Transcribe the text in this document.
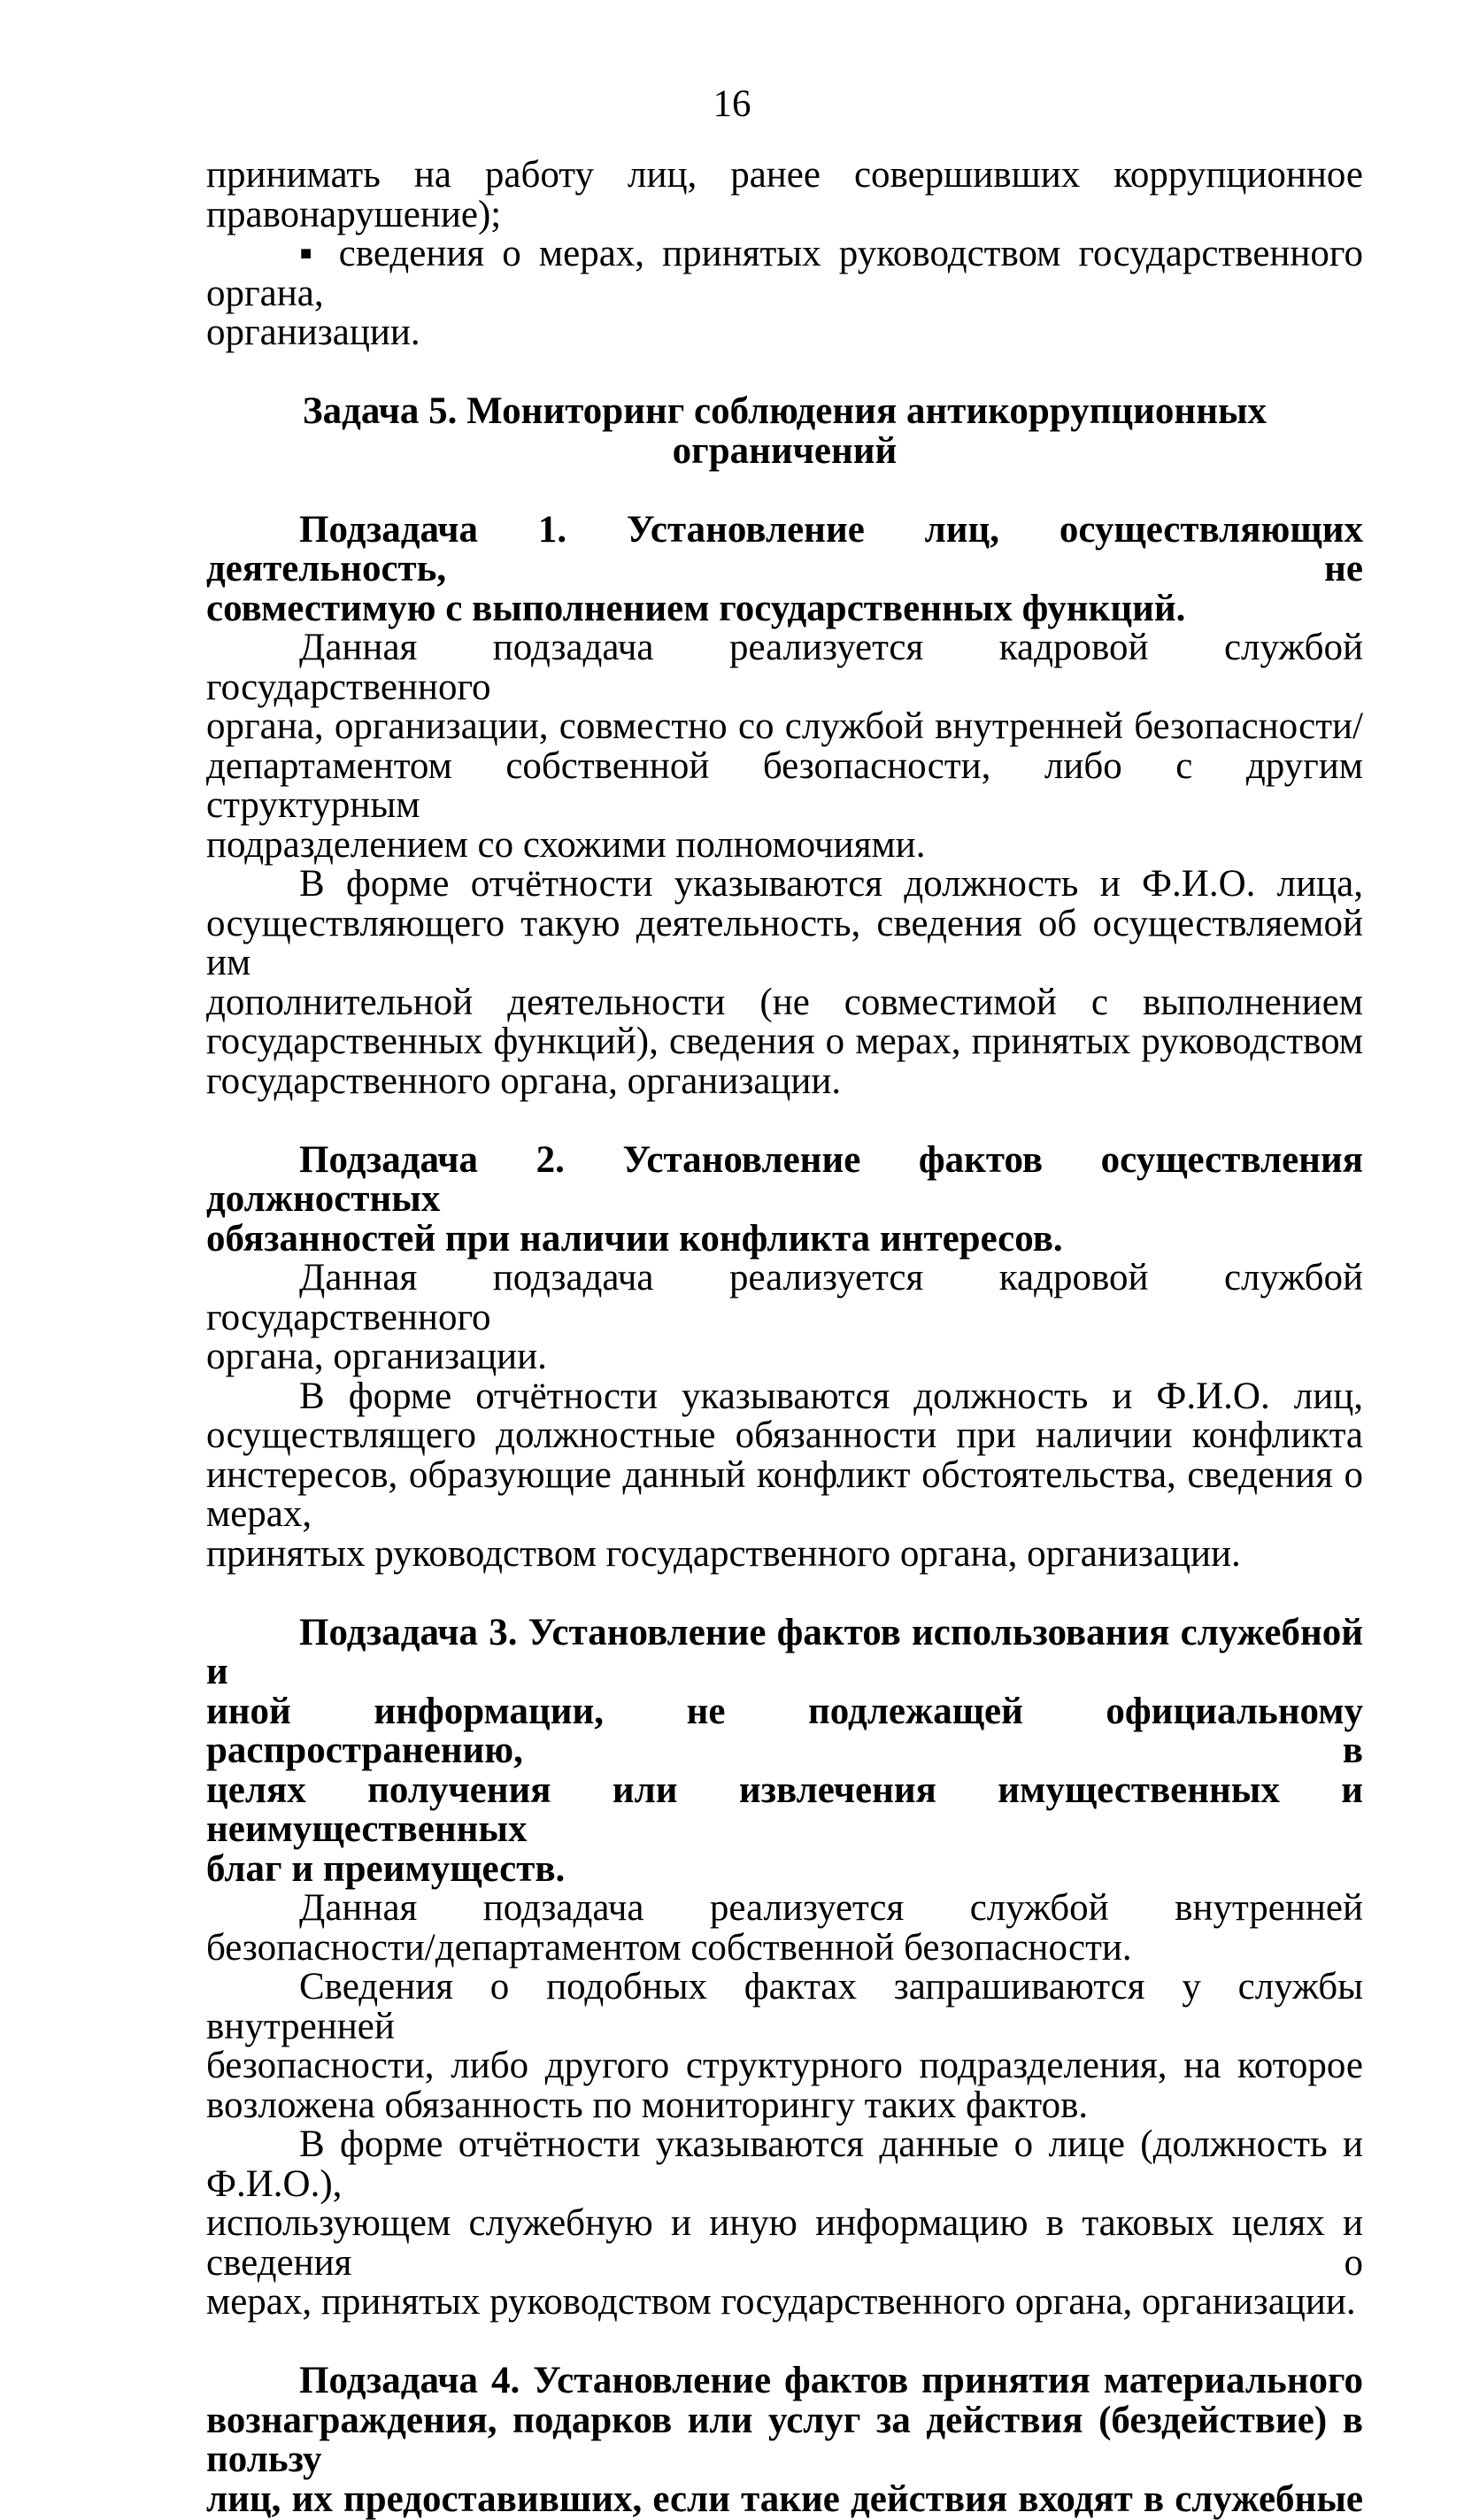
16
принимать на работу лиц, ранее совершивших коррупционное
правонарушение);
▪ сведения о мерах, принятых руководством государственного органа,
организации.
Задача 5. Мониторинг соблюдения антикоррупционных ограничений
Подзадача 1. Установление лиц, осуществляющих деятельность, не
совместимую с выполнением государственных функций.
Данная подзадача реализуется кадровой службой государственного
органа, организации, совместно со службой внутренней безопасности/
департаментом собственной безопасности, либо с другим структурным
подразделением со схожими полномочиями.
В форме отчётности указываются должность и Ф.И.О. лица,
осуществляющего такую деятельность, сведения об осуществляемой им
дополнительной деятельности (не совместимой с выполнением
государственных функций), сведения о мерах, принятых руководством
государственного органа, организации.
Подзадача 2. Установление фактов осуществления должностных
обязанностей при наличии конфликта интересов.
Данная подзадача реализуется кадровой службой государственного
органа, организации.
В форме отчётности указываются должность и Ф.И.О. лиц,
осуществлящего должностные обязанности при наличии конфликта
инстересов, образующие данный конфликт обстоятельства, сведения о мерах,
принятых руководством государственного органа, организации.
Подзадача 3. Установление фактов использования служебной и
иной информации, не подлежащей официальному распространению, в
целях получения или извлечения имущественных и неимущественных
благ и преимуществ.
Данная подзадача реализуется службой внутренней
безопасности/департаментом собственной безопасности.
Сведения о подобных фактах запрашиваются у службы внутренней
безопасности, либо другого структурного подразделения, на которое
возложена обязанность по мониторингу таких фактов.
В форме отчётности указываются данные о лице (должность и Ф.И.О.),
использующем служебную и иную информацию в таковых целях и сведения о
мерах, принятых руководством государственного органа, организации.
Подзадача 4. Установление фактов принятия материального
вознаграждения, подарков или услуг за действия (бездействие) в пользу
лиц, их предоставивших, если такие действия входят в служебные
